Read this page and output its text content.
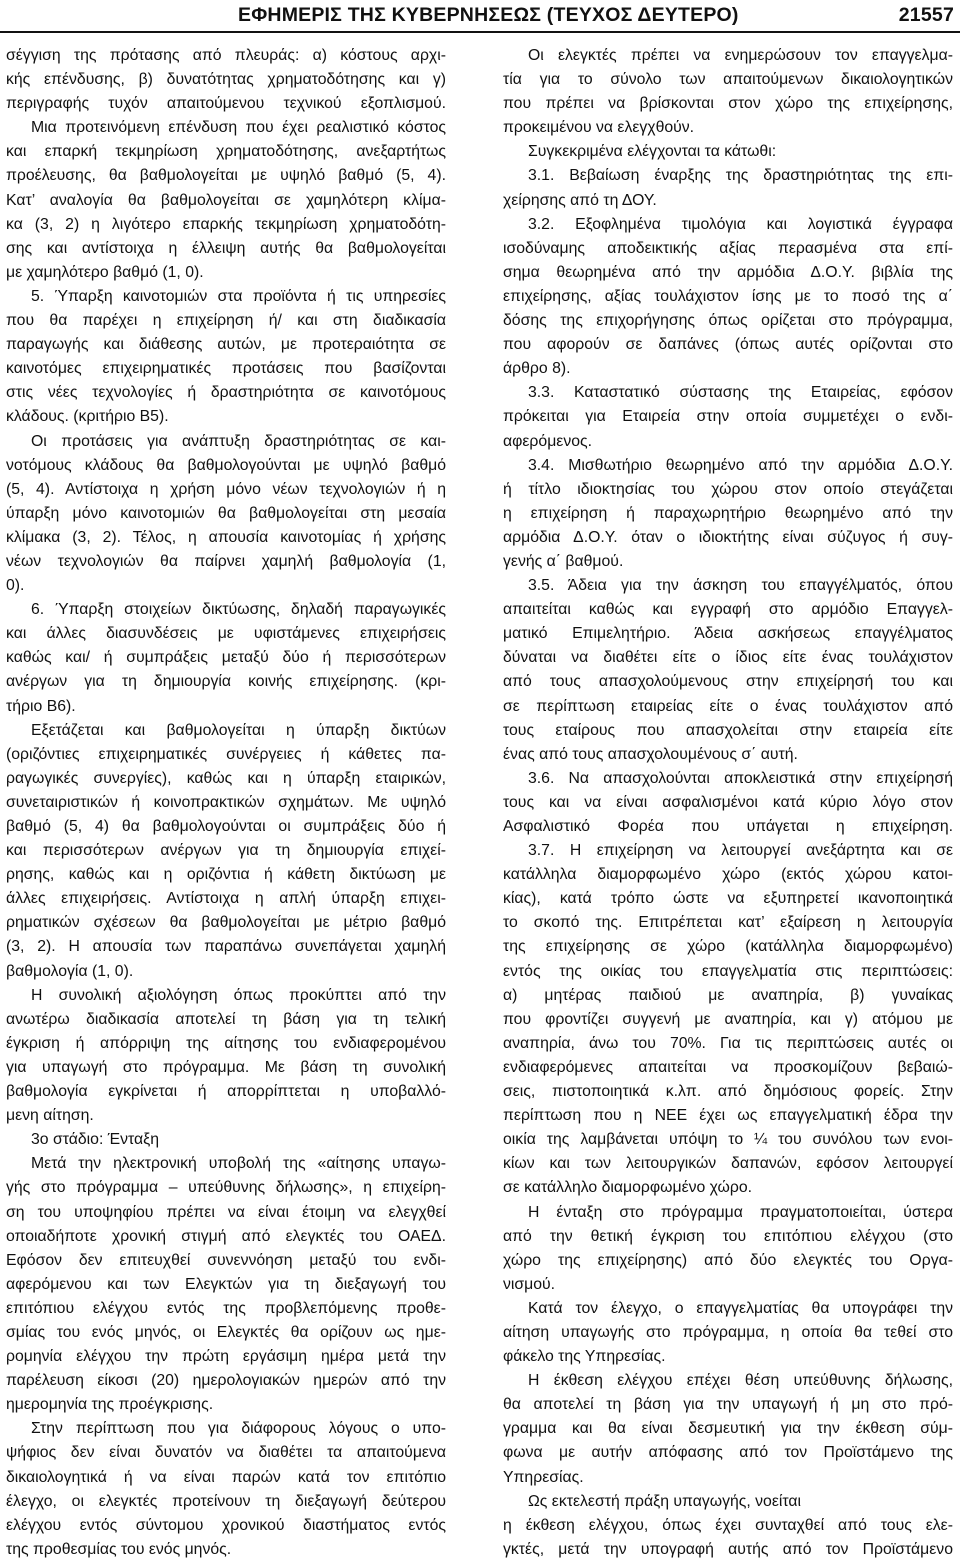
ΕΦΗΜΕΡΙΣ ΤΗΣ ΚΥΒΕΡΝΗΣΕΩΣ (ΤΕΥΧΟΣ ΔΕΥΤΕΡΟ)	21557
σέγγιση της πρότασης από πλευράς: α) κόστους αρχι-
κής επένδυσης, β) δυνατότητας χρηματοδότησης και γ)
περιγραφής τυχόν απαιτούμενου τεχνικού εξοπλισμού.
Μια προτεινόμενη επένδυση που έχει ρεαλιστικό κόστος
και επαρκή τεκμηρίωση χρηματοδότησης, ανεξαρτήτως
προέλευσης, θα βαθμολογείται με υψηλό βαθμό (5, 4).
Κατ’ αναλογία θα βαθμολογείται σε χαμηλότερη κλίμα-
κα (3, 2) η λιγότερο επαρκής τεκμηρίωση χρηματοδότη-
σης και αντίστοιχα η έλλειψη αυτής θα βαθμολογείται
με χαμηλότερο βαθμό (1, 0).
5. Ύπαρξη καινοτομιών στα προϊόντα ή τις υπηρεσίες
που θα παρέχει η επιχείρηση ή/ και στη διαδικασία
παραγωγής και διάθεσης αυτών, με προτεραιότητα σε
καινοτόμες επιχειρηματικές προτάσεις που βασίζονται
στις νέες τεχνολογίες ή δραστηριότητα σε καινοτόμους
κλάδους. (κριτήριο Β5).
Οι προτάσεις για ανάπτυξη δραστηριότητας σε και-
νοτόμους κλάδους θα βαθμολογούνται με υψηλό βαθμό
(5, 4). Αντίστοιχα η χρήση μόνο νέων τεχνολογιών ή η
ύπαρξη μόνο καινοτομιών θα βαθμολογείται στη μεσαία
κλίμακα (3, 2). Τέλος, η απουσία καινοτομίας ή χρήσης
νέων τεχνολογιών θα παίρνει χαμηλή βαθμολογία (1,
0).
6. Ύπαρξη στοιχείων δικτύωσης, δηλαδή παραγωγικές
και άλλες διασυνδέσεις με υφιστάμενες επιχειρήσεις
καθώς και/ ή συμπράξεις μεταξύ δύο ή περισσότερων
ανέργων για τη δημιουργία κοινής επιχείρησης. (κρι-
τήριο Β6).
Εξετάζεται και βαθμολογείται η ύπαρξη δικτύων
(οριζόντιες επιχειρηματικές συνέργειες ή κάθετες πα-
ραγωγικές συνεργίες), καθώς και η ύπαρξη εταιρικών,
συνεταιριστικών ή κοινοπρακτικών σχημάτων. Με υψηλό
βαθμό (5, 4) θα βαθμολογούνται οι συμπράξεις δύο ή
και περισσότερων ανέργων για τη δημιουργία επιχεί-
ρησης, καθώς και η οριζόντια ή κάθετη δικτύωση με
άλλες επιχειρήσεις. Αντίστοιχα η απλή ύπαρξη επιχει-
ρηματικών σχέσεων θα βαθμολογείται με μέτριο βαθμό
(3, 2). Η απουσία των παραπάνω συνεπάγεται χαμηλή
βαθμολογία (1, 0).
Η συνολική αξιολόγηση όπως προκύπτει από την
ανωτέρω διαδικασία αποτελεί τη βάση για τη τελική
έγκριση ή απόρριψη της αίτησης του ενδιαφερομένου
για υπαγωγή στο πρόγραμμα. Με βάση τη συνολική
βαθμολογία εγκρίνεται ή απορρίπτεται η υποβαλλό-
μενη αίτηση.
3ο στάδιο: Ένταξη
Μετά την ηλεκτρονική υποβολή της «αίτησης υπαγω-
γής στο πρόγραμμα – υπεύθυνης δήλωσης», η επιχείρη-
ση του υποψηφίου πρέπει να είναι έτοιμη να ελεγχθεί
οποιαδήποτε χρονική στιγμή από ελεγκτές του ΟΑΕΔ.
Εφόσον δεν επιτευχθεί συνεννόηση μεταξύ του ενδι-
αφερόμενου και των Ελεγκτών για τη διεξαγωγή του
επιτόπιου ελέγχου εντός της προβλεπόμενης προθε-
σμίας του ενός μηνός, οι Ελεγκτές θα ορίζουν ως ημε-
ρομηνία ελέγχου την πρώτη εργάσιμη ημέρα μετά την
παρέλευση είκοσι (20) ημερολογιακών ημερών από την
ημερομηνία της προέγκρισης.
Στην περίπτωση που για διάφορους λόγους ο υπο-
ψήφιος δεν είναι δυνατόν να διαθέτει τα απαιτούμενα
δικαιολογητικά ή να είναι παρών κατά τον επιτόπιο
έλεγχο, οι ελεγκτές προτείνουν τη διεξαγωγή δεύτερου
ελέγχου εντός σύντομου χρονικού διαστήματος εντός
της προθεσμίας του ενός μηνός.
Οι ελεγκτές πρέπει να ενημερώσουν τον επαγγελμα-
τία για το σύνολο των απαιτούμενων δικαιολογητικών
που πρέπει να βρίσκονται στον χώρο της επιχείρησης,
προκειμένου να ελεγχθούν.
Συγκεκριμένα ελέγχονται τα κάτωθι:
3.1. Βεβαίωση έναρξης της δραστηριότητας της επι-
χείρησης από τη ΔΟΥ.
3.2. Εξοφλημένα τιμολόγια και λογιστικά έγγραφα
ισοδύναμης αποδεικτικής αξίας περασμένα στα επί-
σημα θεωρημένα από την αρμόδια Δ.Ο.Υ. βιβλία της
επιχείρησης, αξίας τουλάχιστον ίσης με το ποσό της α΄
δόσης της επιχορήγησης όπως ορίζεται στο πρόγραμμα,
που αφορούν σε δαπάνες (όπως αυτές ορίζονται στο
άρθρο 8).
3.3. Καταστατικό σύστασης της Εταιρείας, εφόσον
πρόκειται για Εταιρεία στην οποία συμμετέχει ο ενδι-
αφερόμενος.
3.4. Μισθωτήριο θεωρημένο από την αρμόδια Δ.Ο.Υ.
ή τίτλο ιδιοκτησίας του χώρου στον οποίο στεγάζεται
η επιχείρηση ή παραχωρητήριο θεωρημένο από την
αρμόδια Δ.Ο.Υ. όταν ο ιδιοκτήτης είναι σύζυγος ή συγ-
γενής α΄ βαθμού.
3.5. Άδεια για την άσκηση του επαγγέλματός, όπου
απαιτείται καθώς και εγγραφή στο αρμόδιο Επαγγελ-
ματικό Επιμελητήριο. Άδεια ασκήσεως επαγγέλματος
δύναται να διαθέτει είτε ο ίδιος είτε ένας τουλάχιστον
από τους απασχολούμενους στην επιχείρησή του και
σε περίπτωση εταιρείας είτε ο ένας τουλάχιστον από
τους εταίρους που απασχολείται στην εταιρεία είτε
ένας από τους απασχολουμένους σ΄ αυτή.
3.6. Να απασχολούνται αποκλειστικά στην επιχείρησή
τους και να είναι ασφαλισμένοι κατά κύριο λόγο στον
Ασφαλιστικό Φορέα που υπάγεται η επιχείρηση.
3.7. Η επιχείρηση να λειτουργεί ανεξάρτητα και σε
κατάλληλα διαμορφωμένο χώρο (εκτός χώρου κατοι-
κίας), κατά τρόπο ώστε να εξυπηρετεί ικανοποιητικά
το σκοπό της. Επιτρέπεται κατ’ εξαίρεση η λειτουργία
της επιχείρησης σε χώρο (κατάλληλα διαμορφωμένο)
εντός της οικίας του επαγγελματία στις περιπτώσεις:
α) μητέρας παιδιού με αναπηρία, β) γυναίκας
που φροντίζει συγγενή με αναπηρία, και γ) ατόμου με
αναπηρία, άνω του 70%. Για τις περιπτώσεις αυτές οι
ενδιαφερόμενες απαιτείται να προσκομίζουν βεβαιώ-
σεις, πιστοποιητικά κ.λπ. από δημόσιους φορείς. Στην
περίπτωση που η ΝΕΕ έχει ως επαγγελματική έδρα την
οικία της λαμβάνεται υπόψη το ¼ του συνόλου των ενοι-
κίων και των λειτουργικών δαπανών, εφόσον λειτουργεί
σε κατάλληλο διαμορφωμένο χώρο.
Η ένταξη στο πρόγραμμα πραγματοποιείται, ύστερα
από την θετική έγκριση του επιτόπιου ελέγχου (στο
χώρο της επιχείρησης) από δύο ελεγκτές του Οργα-
νισμού.
Κατά τον έλεγχο, ο επαγγελματίας θα υπογράφει την
αίτηση υπαγωγής στο πρόγραμμα, η οποία θα τεθεί στο
φάκελο της Υπηρεσίας.
Η έκθεση ελέγχου επέχει θέση υπεύθυνης δήλωσης,
θα αποτελεί τη βάση για την υπαγωγή ή μη στο πρό-
γραμμα και θα είναι δεσμευτική για την έκθεση σύμ-
φωνα με αυτήν απόφασης από τον Προϊστάμενο της
Υπηρεσίας.
Ως εκτελεστή πράξη υπαγωγής, νοείται
η έκθεση ελέγχου, όπως έχει συνταχθεί από τους ελε-
γκτές, μετά την υπογραφή αυτής από τον Προϊστάμενο
